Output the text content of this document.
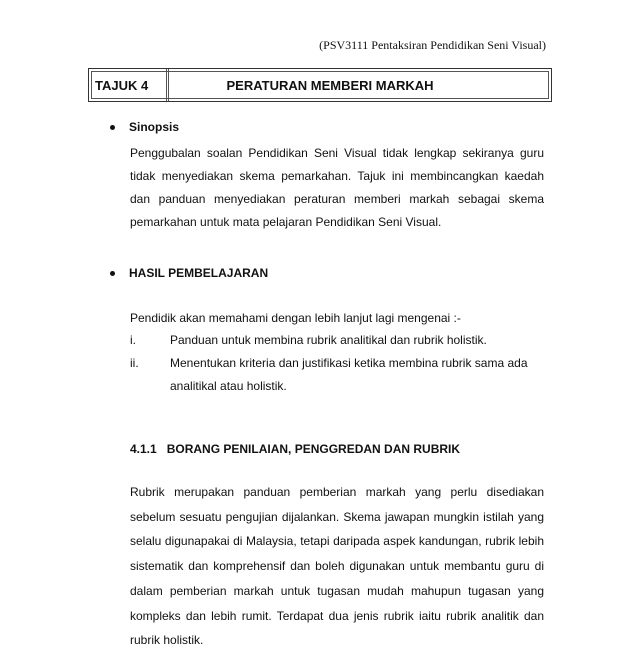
(PSV3111 Pentaksiran Pendidikan Seni Visual)
TAJUK 4	PERATURAN MEMBERI MARKAH
Sinopsis

Penggubalan soalan Pendidikan Seni Visual tidak lengkap sekiranya guru tidak menyediakan skema pemarkahan. Tajuk ini membincangkan kaedah dan panduan menyediakan peraturan memberi markah sebagai skema pemarkahan untuk mata pelajaran Pendidikan Seni Visual.

HASIL PEMBELAJARAN

Pendidik akan memahami dengan lebih lanjut lagi mengenai :-

i.	Panduan untuk membina rubrik analitikal dan rubrik holistik.
ii.	Menentukan kriteria dan justifikasi ketika membina rubrik sama ada analitikal atau holistik.
4.1.1   BORANG PENILAIAN, PENGGREDAN DAN RUBRIK

Rubrik merupakan panduan pemberian markah yang perlu disediakan sebelum sesuatu pengujian dijalankan. Skema jawapan mungkin istilah yang selalu digunapakai di Malaysia, tetapi daripada aspek kandungan, rubrik lebih sistematik dan komprehensif dan boleh digunakan untuk membantu guru di dalam pemberian markah untuk tugasan mudah mahupun tugasan yang kompleks dan lebih rumit. Terdapat dua jenis rubrik iaitu rubrik analitik dan rubrik holistik.
